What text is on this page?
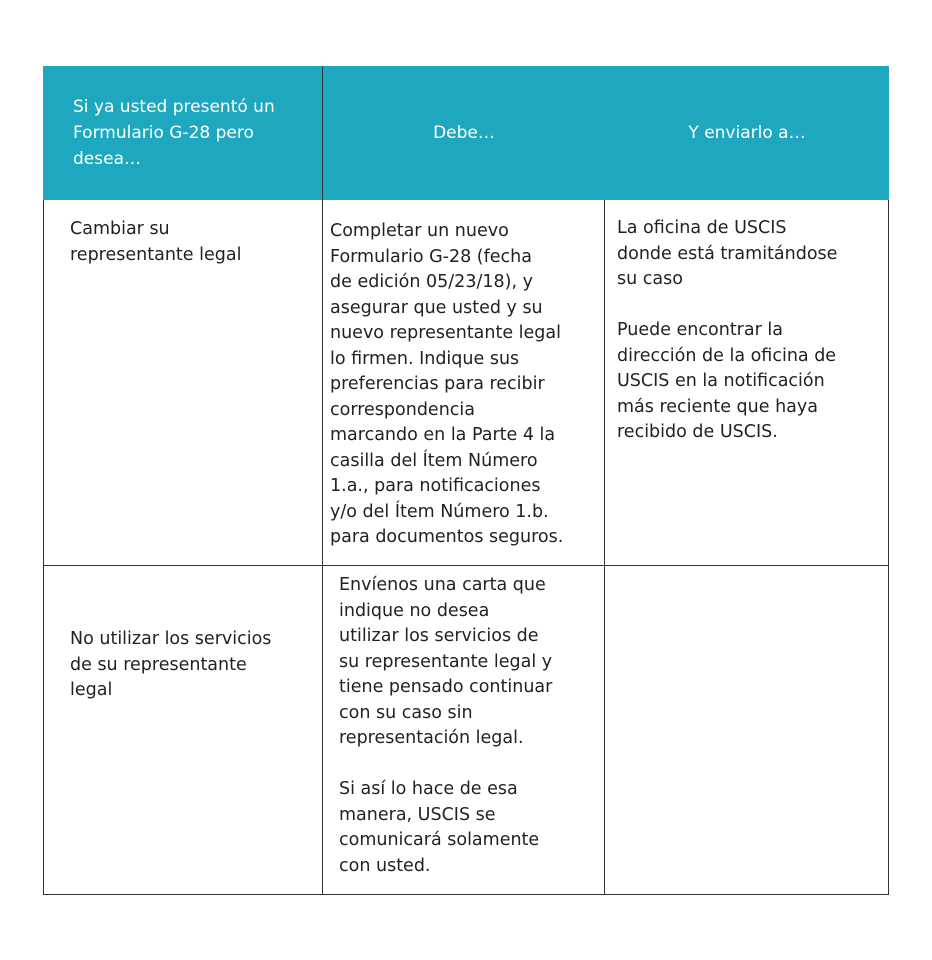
Si ya usted presentó un
Formulario G-28 pero
desea…
Debe…	Y enviarlo a…

Cambiar su
representante legal

Completar un nuevo
Formulario G-28 (fecha
de edición 05/23/18), y
asegurar que usted y su
nuevo representante legal
lo firmen. Indique sus
preferencias para recibir
correspondencia
marcando en la Parte 4 la
casilla del Ítem Número
1.a., para notificaciones
y/o del Ítem Número 1.b.
para documentos seguros.

La oficina de USCIS
donde está tramitándose
su caso

Puede encontrar la
dirección de la oficina de
USCIS en la notificación
más reciente que haya
recibido de USCIS.

No utilizar los servicios
de su representante
legal

Envíenos una carta que
indique no desea
utilizar los servicios de
su representante legal y
tiene pensado continuar
con su caso sin
representación legal.

Si así lo hace de esa
manera, USCIS se
comunicará solamente
con usted.
